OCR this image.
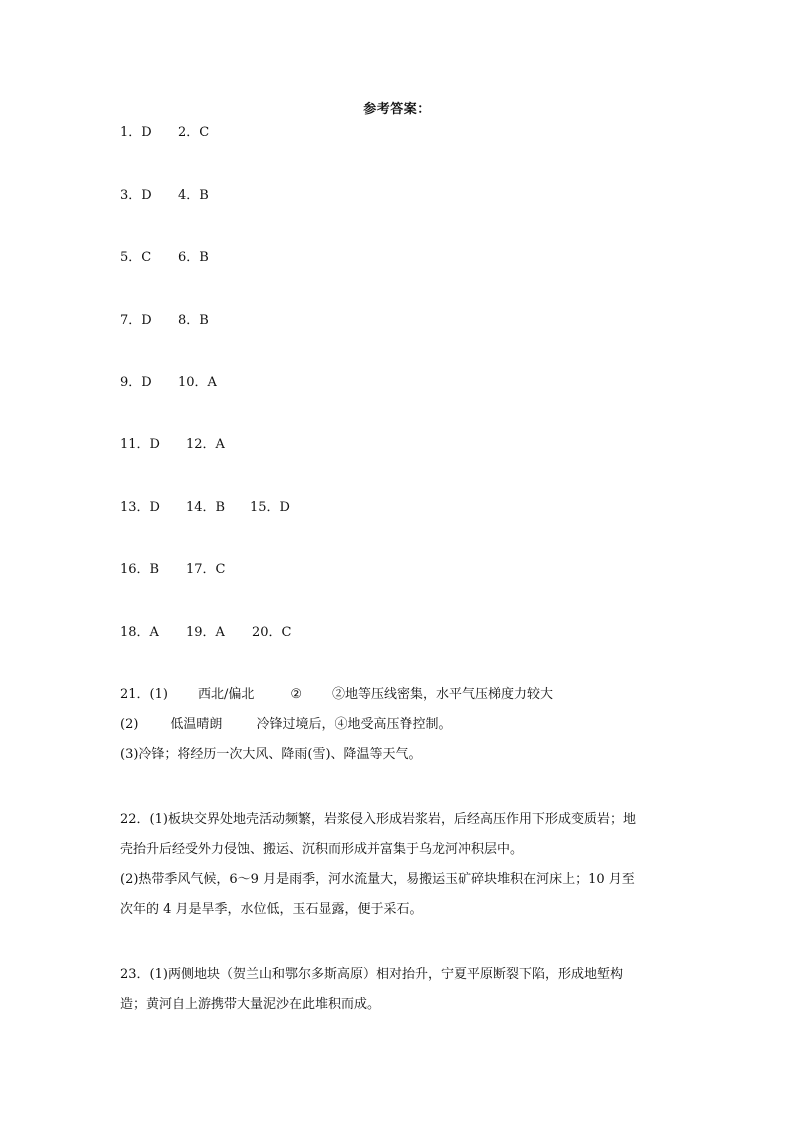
参考答案：
1．D 2．C
3．D 4．B
5．C 6．B
7．D 8．B
9．D 10．A
11．D 12．A
13．D 14．B 15．D
16．B 17．C
18．A 19．A 20．C
21．(1) 西北/偏北	② ②地等压线密集，水平气压梯度力较大
(2) 低温晴朗	冷锋过境后，④地受高压脊控制。
(3)冷锋；将经历一次大风、降雨(雪)、降温等天气。
22．(1)板块交界处地壳活动频繁，岩浆侵入形成岩浆岩，后经高压作用下形成变质岩；地
壳抬升后经受外力侵蚀、搬运、沉积而形成并富集于乌龙河冲积层中。
(2)热带季风气候，6～9 月是雨季，河水流量大，易搬运玉矿碎块堆积在河床上；10 月至
次年的 4 月是旱季，水位低，玉石显露，便于采石。
23．(1)两侧地块（贺兰山和鄂尔多斯高原）相对抬升，宁夏平原断裂下陷，形成地堑构
造；黄河自上游携带大量泥沙在此堆积而成。
